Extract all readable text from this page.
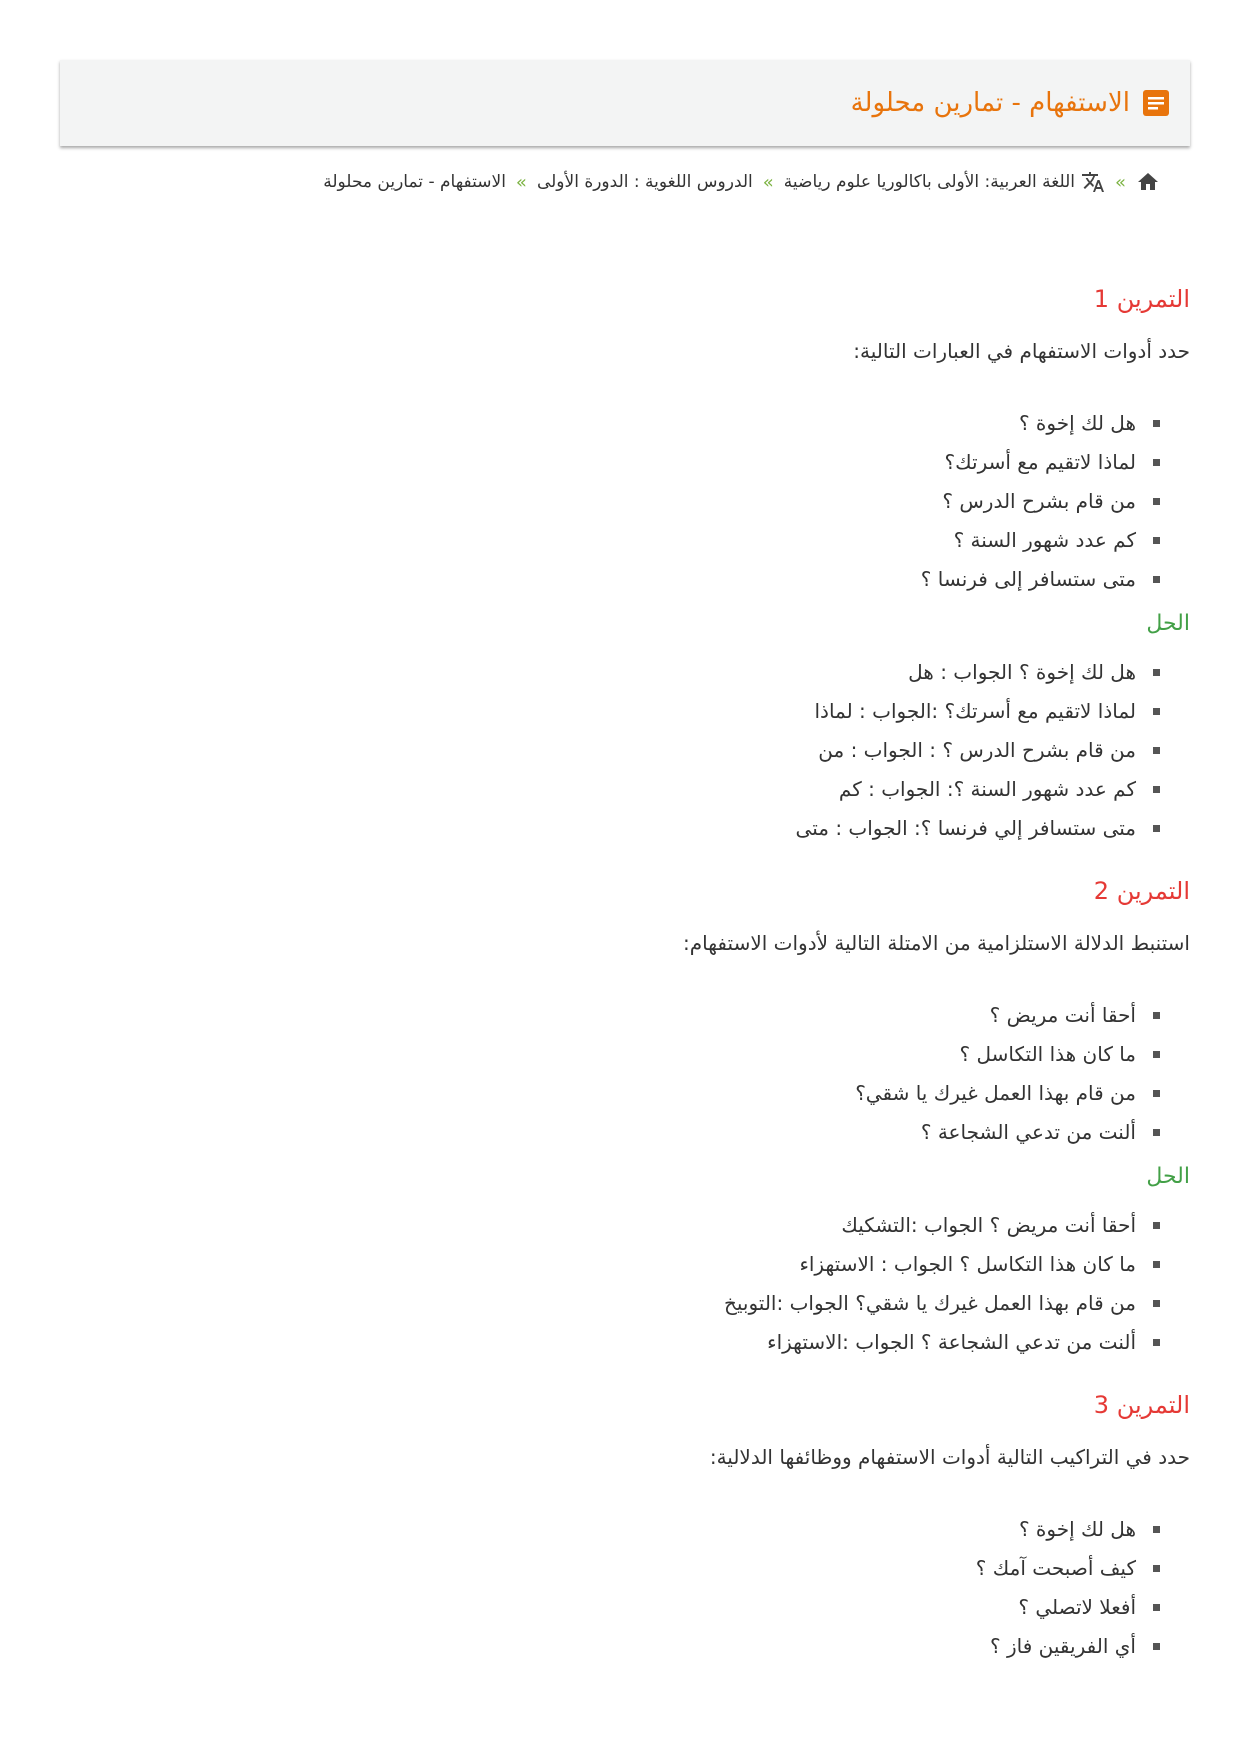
الاستفهام - تمارين محلولة
»
اللغة العربية: الأولى باكالوريا علوم رياضية
»
الدروس اللغوية : الدورة الأولى
»
الاستفهام - تمارين محلولة
التمرين 1

حدد أدوات الاستفهام في العبارات التالية:

هل لك إخوة ؟
لماذا لاتقيم مع أسرتك؟
من قام بشرح الدرس ؟
كم عدد شهور السنة ؟
متى ستسافر إلى فرنسا ؟
الحل
هل لك إخوة ؟ الجواب : هل
لماذا لاتقيم مع أسرتك؟ :الجواب : لماذا
من قام بشرح الدرس ؟ : الجواب : من
كم عدد شهور السنة ؟: الجواب : كم
متى ستسافر إلي فرنسا ؟: الجواب : متى
التمرين 2

استنبط الدلالة الاستلزامية من الامتلة التالية لأدوات الاستفهام:

أحقا أنت مريض ؟
ما كان هذا التكاسل ؟
من قام بهذا العمل غيرك يا شقي؟
ألنت من تدعي الشجاعة ؟
الحل
أحقا أنت مريض ؟ الجواب :التشكيك
ما كان هذا التكاسل ؟ الجواب : الاستهزاء
من قام بهذا العمل غيرك يا شقي؟ الجواب :التوبيخ
ألنت من تدعي الشجاعة ؟ الجواب :الاستهزاء
التمرين 3

حدد في التراكيب التالية أدوات الاستفهام ووظائفها الدلالية:

هل لك إخوة ؟
كيف أصبحت آمك ؟
أفعلا لاتصلي ؟
أي الفريقين فاز ؟
